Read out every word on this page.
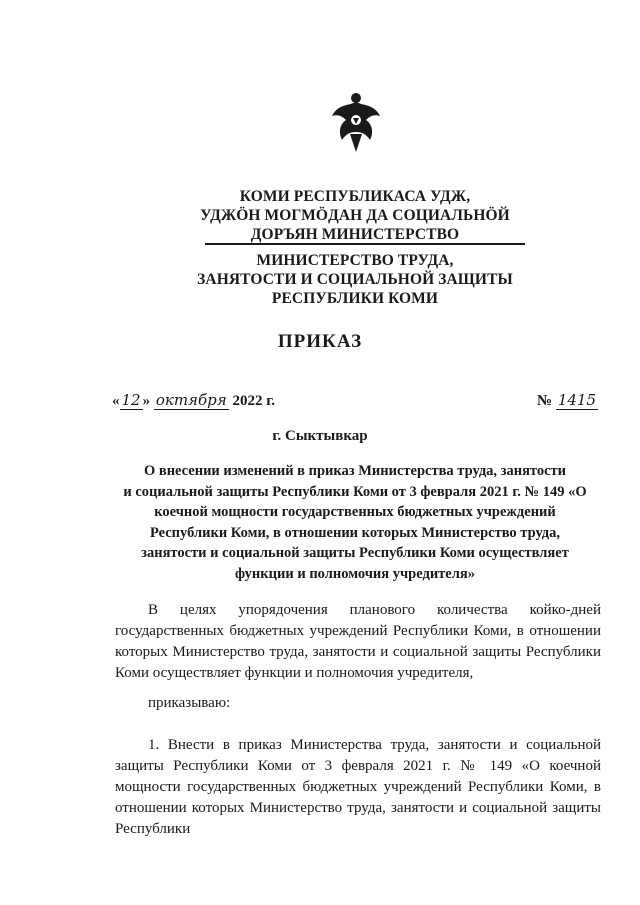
КОМИ РЕСПУБЛИКАСА УДЖ,
УДЖӦН МОГМӦДАН ДА СОЦИАЛЬНӦЙ
ДОРЪЯН МИНИСТЕРСТВО
МИНИСТЕРСТВО ТРУДА,
ЗАНЯТОСТИ И СОЦИАЛЬНОЙ ЗАЩИТЫ
РЕСПУБЛИКИ КОМИ
ПРИКАЗ
« 12 » октября 2022 г.	№ 1415
г. Сыктывкар
О внесении изменений в приказ Министерства труда, занятости
и социальной защиты Республики Коми от 3 февраля 2021 г. № 149 «О
коечной мощности государственных бюджетных учреждений
Республики Коми, в отношении которых Министерство труда,
занятости и социальной защиты Республики Коми осуществляет
функции и полномочия учредителя»
В целях упорядочения планового количества койко-дней государственных бюджетных учреждений Республики Коми, в отношении которых Министерство труда, занятости и социальной защиты Республики Коми осуществляет функции и полномочия учредителя,
приказываю:
1. Внести в приказ Министерства труда, занятости и социальной защиты Республики Коми от 3 февраля 2021 г. № 149 «О коечной мощности государственных бюджетных учреждений Республики Коми, в отношении которых Министерство труда, занятости и социальной защиты Республики
